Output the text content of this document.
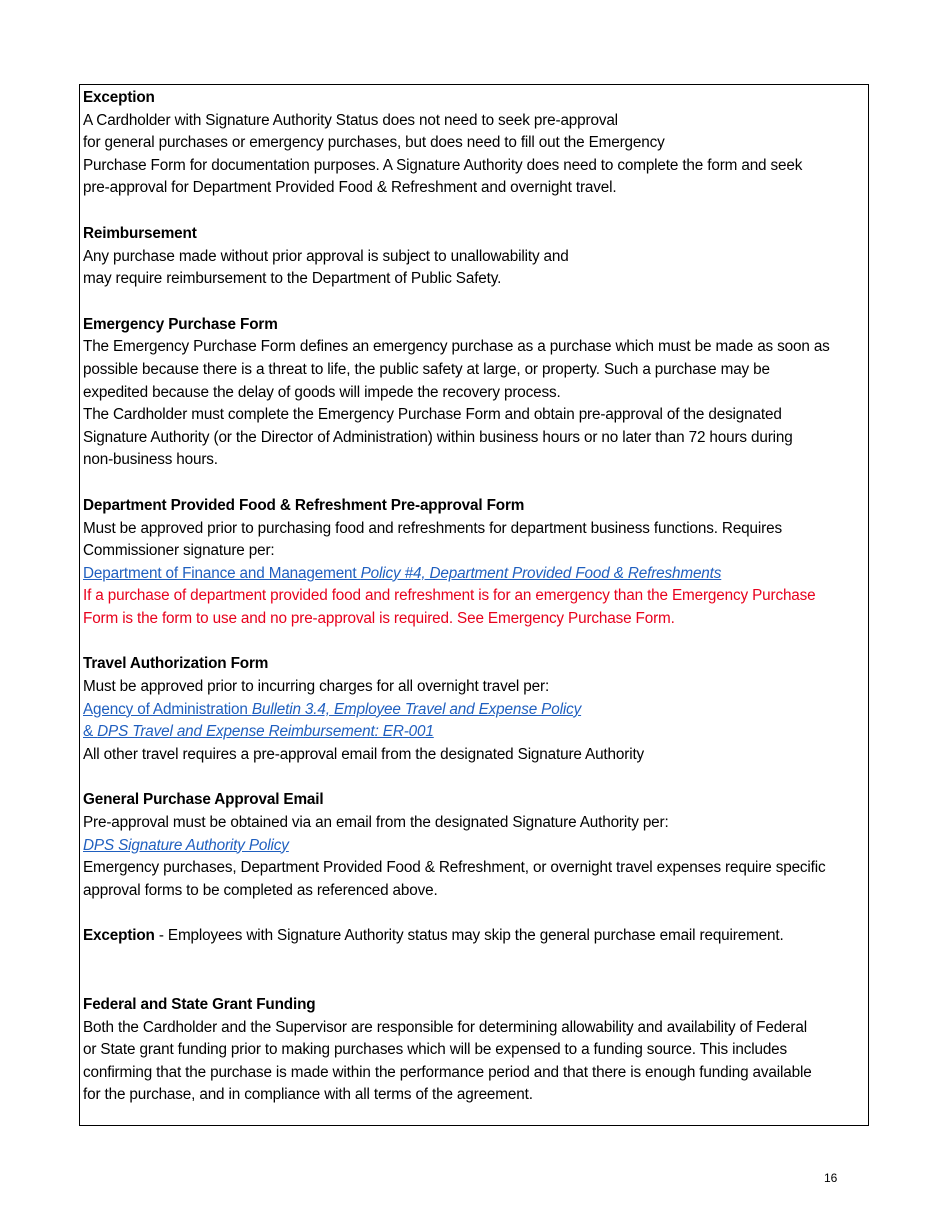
Exception
A Cardholder with Signature Authority Status does not need to seek pre-approval
for general purchases or emergency purchases, but does need to fill out the Emergency
Purchase Form for documentation purposes. A Signature Authority does need to complete the form and seek
pre-approval for Department Provided Food & Refreshment and overnight travel.
Reimbursement
Any purchase made without prior approval is subject to unallowability and
may require reimbursement to the Department of Public Safety.
Emergency Purchase Form
The Emergency Purchase Form defines an emergency purchase as a purchase which must be made as soon as
possible because there is a threat to life, the public safety at large, or property. Such a purchase may be
expedited because the delay of goods will impede the recovery process.
The Cardholder must complete the Emergency Purchase Form and obtain pre-approval of the designated
Signature Authority (or the Director of Administration) within business hours or no later than 72 hours during
non-business hours.
Department Provided Food & Refreshment Pre-approval Form
Must be approved prior to purchasing food and refreshments for department business functions. Requires
Commissioner signature per:
Department of Finance and Management Policy #4, Department Provided Food & Refreshments
If a purchase of department provided food and refreshment is for an emergency than the Emergency Purchase
Form is the form to use and no pre-approval is required. See Emergency Purchase Form.
Travel Authorization Form
Must be approved prior to incurring charges for all overnight travel per:
Agency of Administration Bulletin 3.4, Employee Travel and Expense Policy
& DPS Travel and Expense Reimbursement: ER-001
All other travel requires a pre-approval email from the designated Signature Authority
General Purchase Approval Email
Pre-approval must be obtained via an email from the designated Signature Authority per:
DPS Signature Authority Policy
Emergency purchases, Department Provided Food & Refreshment, or overnight travel expenses require specific
approval forms to be completed as referenced above.
Exception - Employees with Signature Authority status may skip the general purchase email requirement.
Federal and State Grant Funding
Both the Cardholder and the Supervisor are responsible for determining allowability and availability of Federal
or State grant funding prior to making purchases which will be expensed to a funding source. This includes
confirming that the purchase is made within the performance period and that there is enough funding available
for the purchase, and in compliance with all terms of the agreement.
16
